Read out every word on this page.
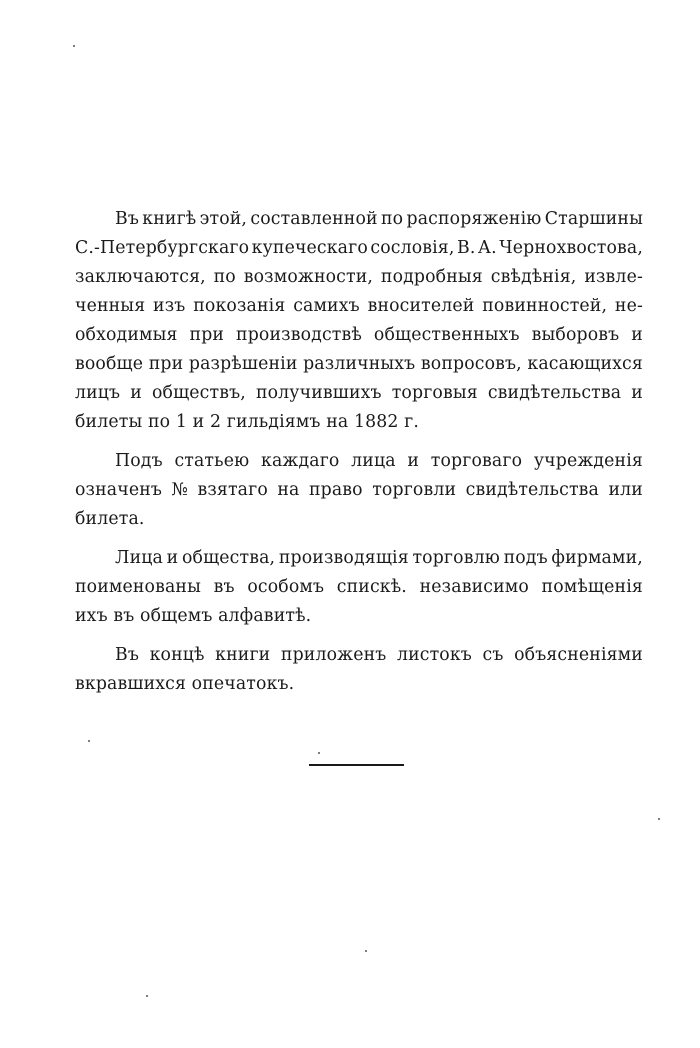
Въ книгѣ этой, составленной по распоряженію Старшины
С.-Петербургскаго купеческаго сословія, В. А. Чернохвостова,
заключаются, по возможности, подробныя свѣдѣнія, извле-
ченныя изъ покозанія самихъ вносителей повинностей, не-
обходимыя при производствѣ общественныхъ выборовъ и
вообще при разрѣшеніи различныхъ вопросовъ, касающихся
лицъ и обществъ, получившихъ торговыя свидѣтельства и
билеты по 1 и 2 гильдіямъ на 1882 г.
Подъ статьею каждаго лица и торговаго учрежденія
означенъ № взятаго на право торговли свидѣтельства или
билета.
Лица и общества, производящія торговлю подъ фирмами,
поименованы въ особомъ спискѣ. независимо помѣщенія
ихъ въ общемъ алфавитѣ.
Въ концѣ книги приложенъ листокъ съ объясненіями
вкравшихся опечатокъ.
